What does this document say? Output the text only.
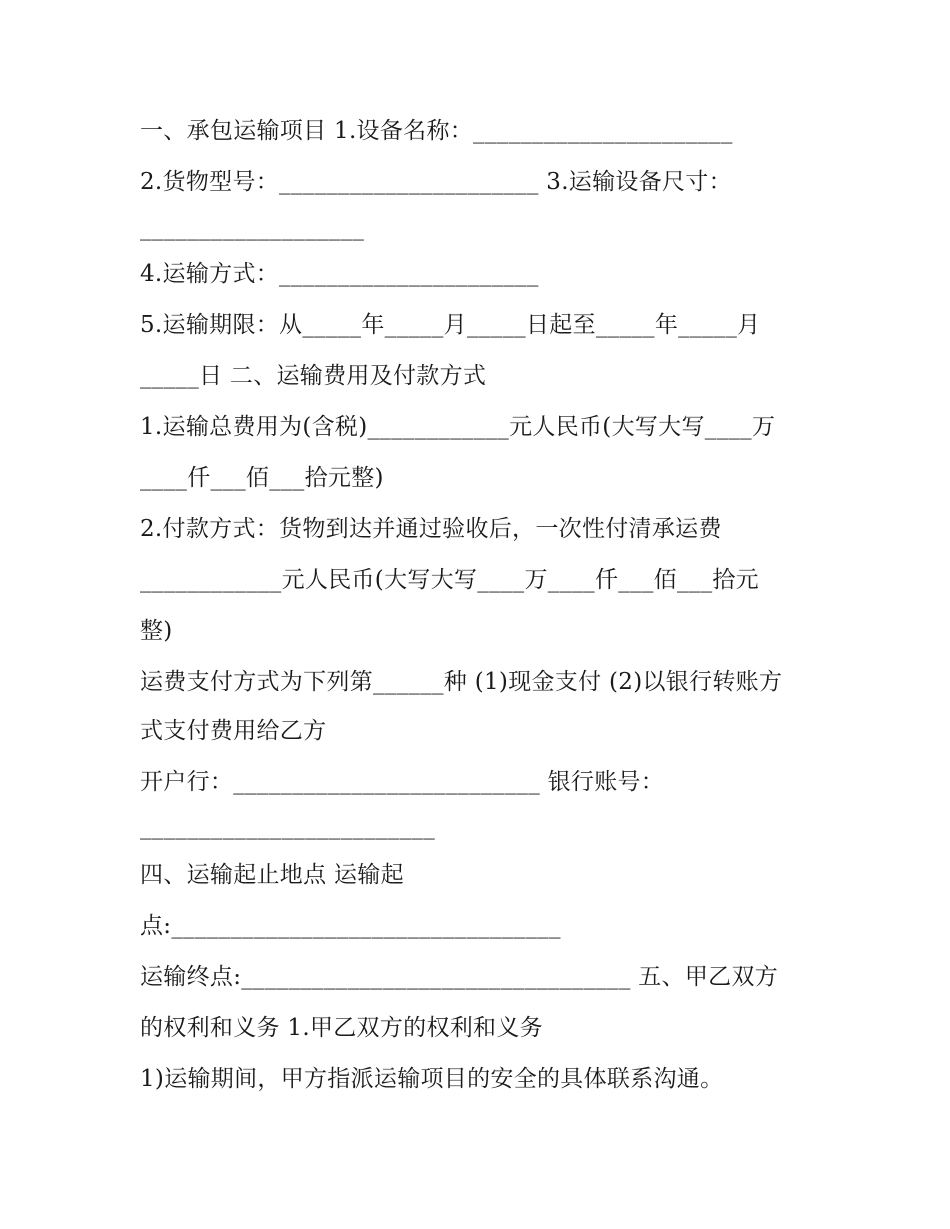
一、承包运输项目 1.设备名称：______________________
2.货物型号：______________________ 3.运输设备尺寸：
___________________
4.运输方式：______________________
5.运输期限：从_____年_____月_____日起至_____年_____月
_____日 二、运输费用及付款方式
1.运输总费用为(含税)____________元人民币(大写大写____万
____仟___佰___拾元整)
2.付款方式：货物到达并通过验收后，一次性付清承运费
____________元人民币(大写大写____万____仟___佰___拾元
整)
运费支付方式为下列第______种 (1)现金支付 (2)以银行转账方
式支付费用给乙方
开户行：__________________________ 银行账号：
_________________________
四、运输起止地点 运输起
点:_________________________________
运输终点:_________________________________ 五、甲乙双方
的权利和义务 1.甲乙双方的权利和义务
1)运输期间，甲方指派运输项目的安全的具体联系沟通。
